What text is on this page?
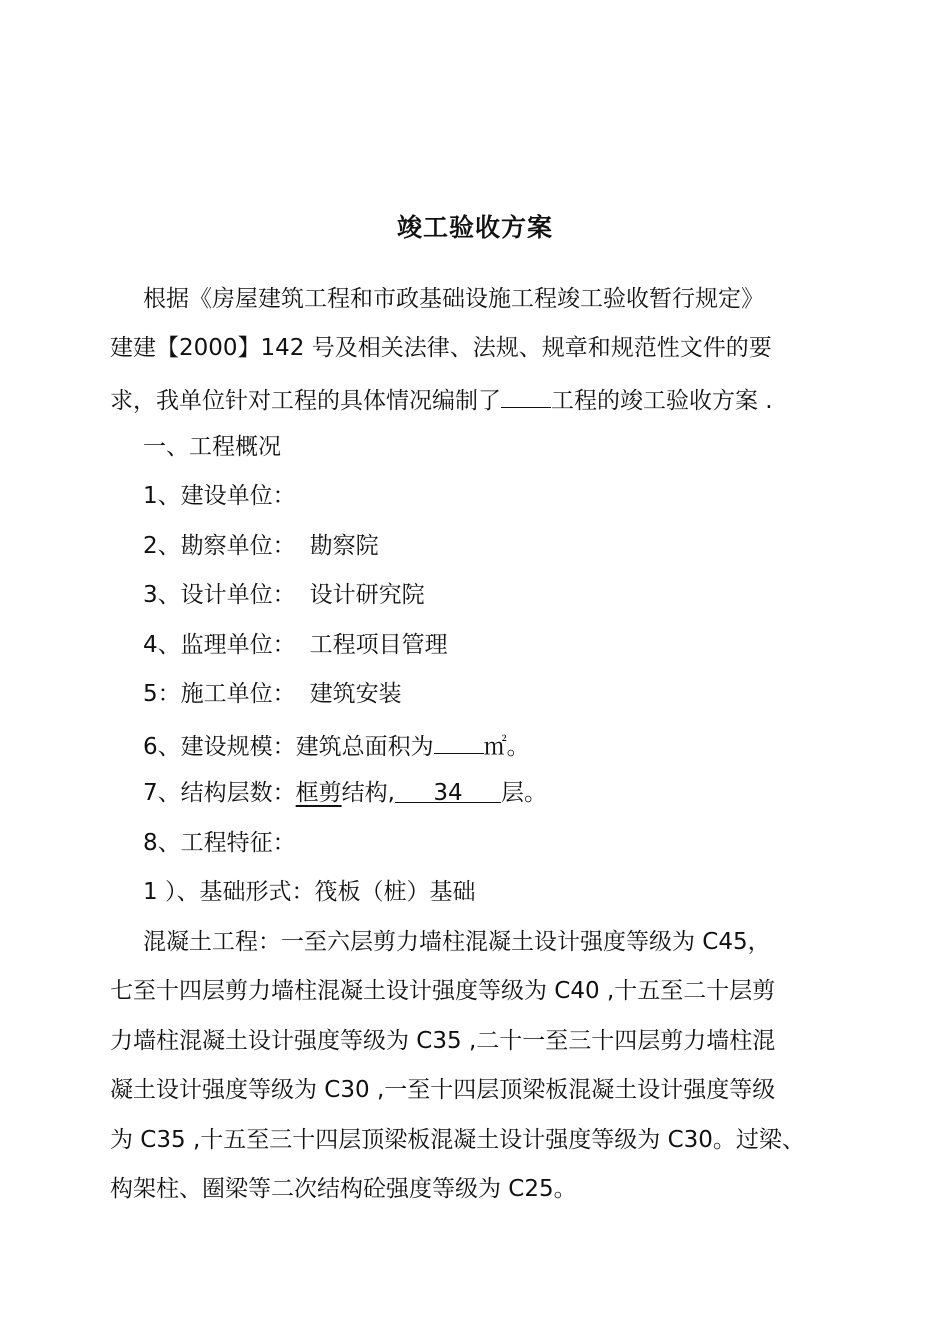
竣工验收方案
根据《房屋建筑工程和市政基础设施工程竣工验收暂行规定》
建建【2000】142 号及相关法律、法规、规章和规范性文件的要
求，我单位针对工程的具体情况编制了 工程的竣工验收方案 .
一、工程概况
1、建设单位：
2、勘察单位： 勘察院
3、设计单位： 设计研究院
4、监理单位： 工程项目管理
5：施工单位： 建筑安装
6、建设规模：建筑总面积为 ㎡。
7、结构层数：框剪结构, 34 层。
8、工程特征：
1 ）、基础形式：筏板（桩）基础
混凝土工程：一至六层剪力墙柱混凝土设计强度等级为 C45，
七至十四层剪力墙柱混凝土设计强度等级为 C40 ,十五至二十层剪
力墙柱混凝土设计强度等级为 C35 ,二十一至三十四层剪力墙柱混
凝土设计强度等级为 C30 ,一至十四层顶梁板混凝土设计强度等级
为 C35 ,十五至三十四层顶梁板混凝土设计强度等级为 C30。过梁、
构架柱、圈梁等二次结构砼强度等级为 C25。
